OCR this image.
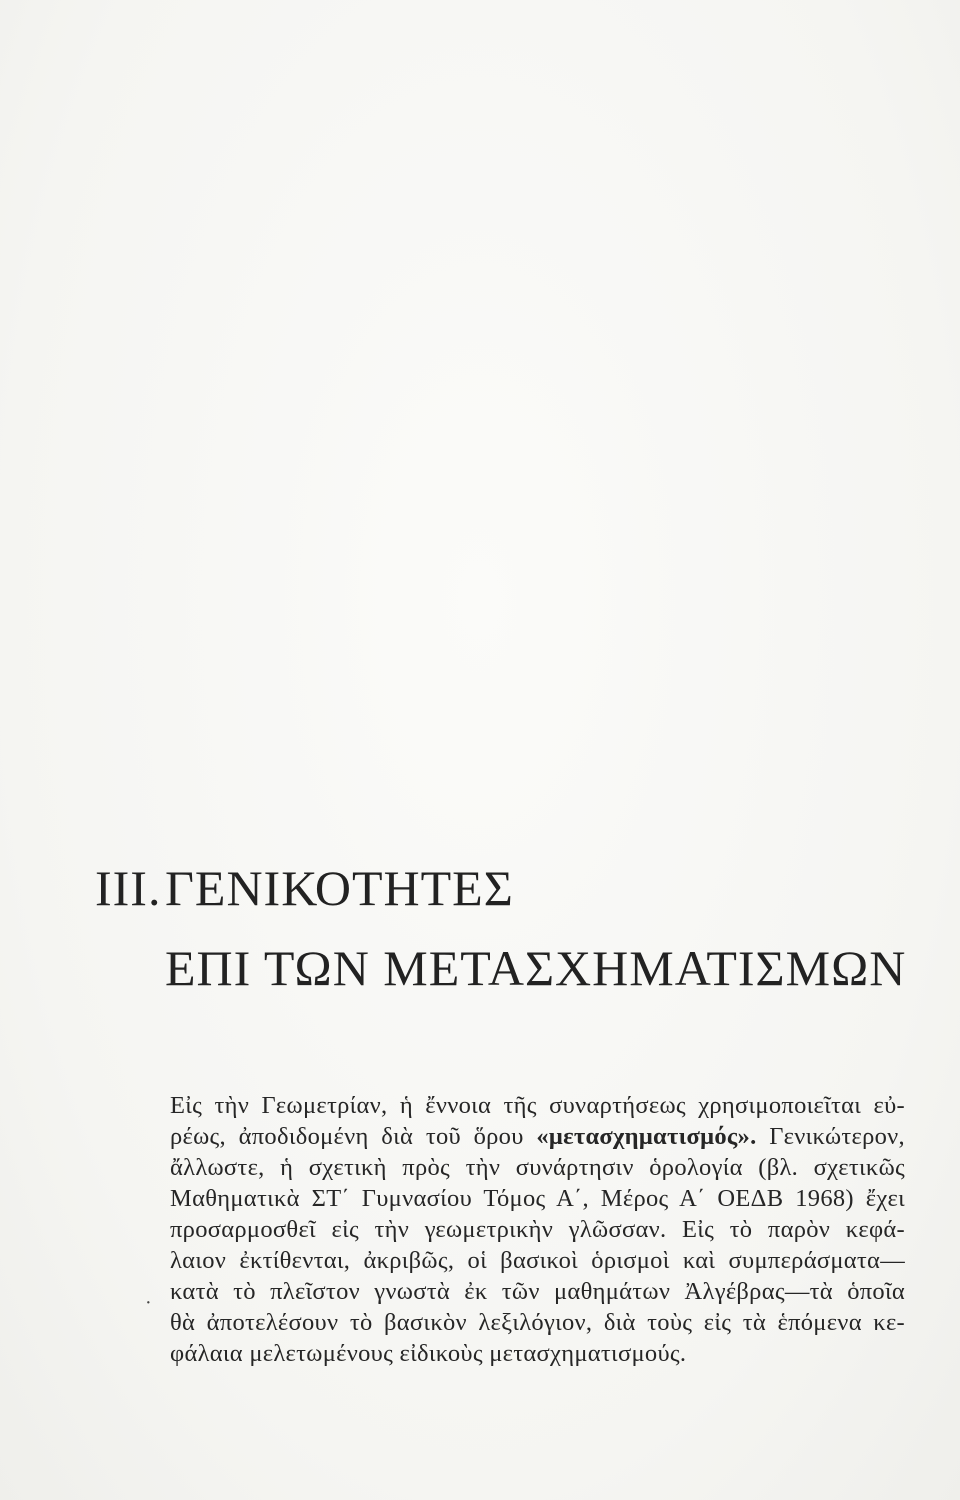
III.ΓΕΝΙΚΟΤΗΤΕΣ
ΕΠΙ ΤΩΝ ΜΕΤΑΣΧΗΜΑΤΙΣΜΩΝ
·
Εἰς τὴν Γεωμετρίαν, ἡ ἔννοια τῆς συναρτήσεως χρησιμοποιεῖται εὐ-
ρέως, ἀποδιδομένη διὰ τοῦ ὅρου «μετασχηματισμός». Γενικώτερον,
ἄλλωστε, ἡ σχετικὴ πρὸς τὴν συνάρτησιν ὁρολογία (βλ. σχετικῶς
Μαθηματικὰ ΣΤ΄ Γυμνασίου Τόμος Α΄, Μέρος Α΄ ΟΕΔΒ 1968) ἔχει
προσαρμοσθεῖ εἰς τὴν γεωμετρικὴν γλῶσσαν. Εἰς τὸ παρὸν κεφά-
λαιον ἐκτίθενται, ἀκριβῶς, οἱ βασικοὶ ὁρισμοὶ καὶ συμπεράσματα—
κατὰ τὸ πλεῖστον γνωστὰ ἐκ τῶν μαθημάτων Ἀλγέβρας—τὰ ὁποῖα
θὰ ἀποτελέσουν τὸ βασικὸν λεξιλόγιον, διὰ τοὺς εἰς τὰ ἑπόμενα κε-
φάλαια μελετωμένους εἰδικοὺς μετασχηματισμούς.
